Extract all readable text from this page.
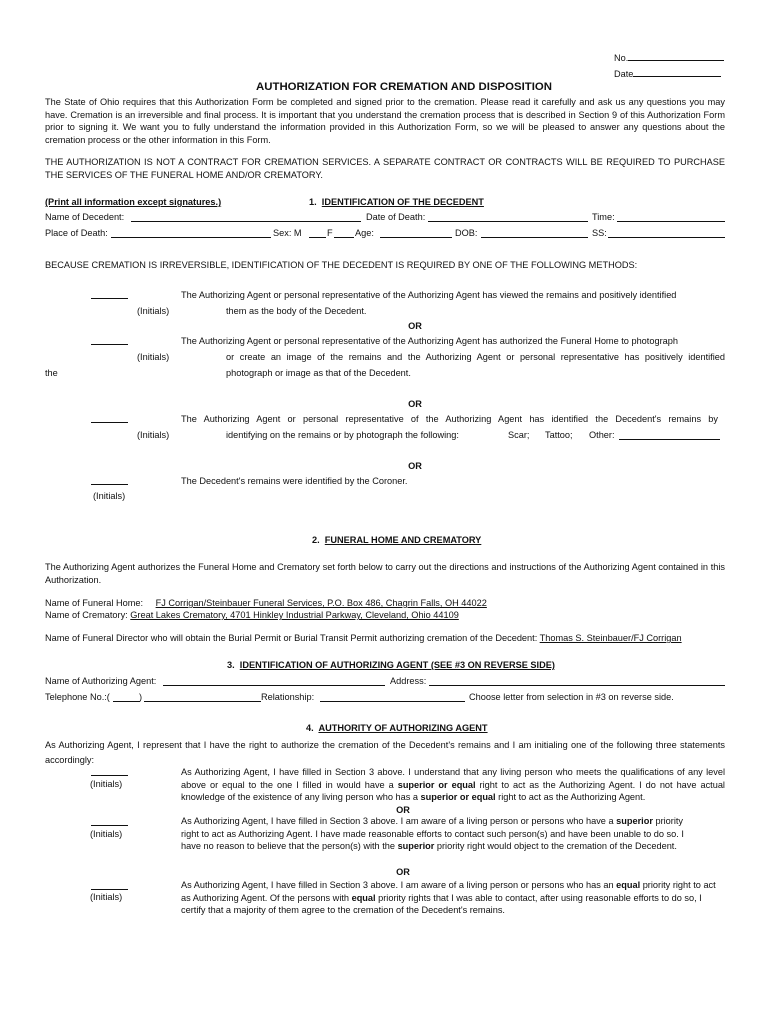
No.
Date
AUTHORIZATION FOR CREMATION AND DISPOSITION
The State of Ohio requires that this Authorization Form be completed and signed prior to the cremation. Please read it carefully and ask us any questions you may have. Cremation is an irreversible and final process. It is important that you understand the cremation process that is described in Section 9 of this Authorization Form prior to signing it. We want you to fully understand the information provided in this Authorization Form, so we will be pleased to answer any questions about the cremation process or the other information in this Form.
THE AUTHORIZATION IS NOT A CONTRACT FOR CREMATION SERVICES. A SEPARATE CONTRACT OR CONTRACTS WILL BE REQUIRED TO PURCHASE THE SERVICES OF THE FUNERAL HOME AND/OR CREMATORY.
(Print all information except signatures.)	1. IDENTIFICATION OF THE DECEDENT
Name of Decedent:	Date of Death:	Time:
Place of Death:	Sex: M	F Age:	DOB:	SS:
BECAUSE CREMATION IS IRREVERSIBLE, IDENTIFICATION OF THE DECEDENT IS REQUIRED BY ONE OF THE FOLLOWING METHODS:
The Authorizing Agent or personal representative of the Authorizing Agent has viewed the remains and positively identified
(Initials)	them as the body of the Decedent.
OR
The Authorizing Agent or personal representative of the Authorizing Agent has authorized the Funeral Home to photograph
(Initials)	or create an image of the remains and the Authorizing Agent or personal representative has positively identified
the	photograph or image as that of the Decedent.
OR
The Authorizing Agent or personal representative of the Authorizing Agent has identified the Decedent's remains by
(Initials)	identifying on the remains or by photograph the following:	Scar; Tattoo; Other:
OR
The Decedent's remains were identified by the Coroner.
(Initials)
2. FUNERAL HOME AND CREMATORY
The Authorizing Agent authorizes the Funeral Home and Crematory set forth below to carry out the directions and instructions of the Authorizing Agent contained in this Authorization.
Name of Funeral Home: FJ Corrigan/Steinbauer Funeral Services, P.O. Box 486, Chagrin Falls, OH 44022
Name of Crematory: Great Lakes Crematory, 4701 Hinkley Industrial Parkway, Cleveland, Ohio 44109
Name of Funeral Director who will obtain the Burial Permit or Burial Transit Permit authorizing cremation of the Decedent: Thomas S. Steinbauer/FJ Corrigan
3. IDENTIFICATION OF AUTHORIZING AGENT (SEE #3 ON REVERSE SIDE)
Name of Authorizing Agent:	Address:
Telephone No.:(	)	Relationship:	Choose letter from selection in #3 on reverse side.
4. AUTHORITY OF AUTHORIZING AGENT
As Authorizing Agent, I represent that I have the right to authorize the cremation of the Decedent's remains and I am initialing one of the following three statements accordingly:
(Initials)
As Authorizing Agent, I have filled in Section 3 above. I understand that any living person who meets the qualifications of any level above or equal to the one I filled in would have a superior or equal right to act as the Authorizing Agent. I do not have actual knowledge of the existence of any living person who has a superior or equal right to act as the Authorizing Agent.
OR
(Initials)
As Authorizing Agent, I have filled in Section 3 above. I am aware of a living person or persons who have a superior priority right to act as Authorizing Agent. I have made reasonable efforts to contact such person(s) and have been unable to do so. I have no reason to believe that the person(s) with the superior priority right would object to the cremation of the Decedent.
OR
(Initials)
As Authorizing Agent, I have filled in Section 3 above. I am aware of a living person or persons who has an equal priority right to act as Authorizing Agent. Of the persons with equal priority rights that I was able to contact, after using reasonable efforts to do so, I certify that a majority of them agree to the cremation of the Decedent's remains.
